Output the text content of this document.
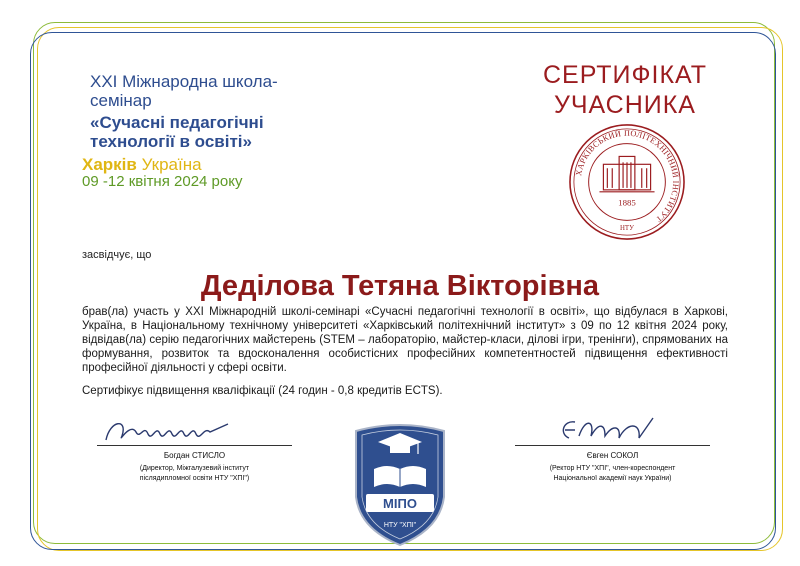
XXI Міжнародна школа-
семінар
«Сучасні педагогічні
технології в освіті»
Харків Україна
09 -12 квітня 2024 року
СЕРТИФІКАТ
УЧАСНИКА
ХАРКІВСЬКИЙ ПОЛІТЕХНІЧНИЙ ІНСТИТУТ
1885
НТУ
засвідчує, що
Деділова Тетяна Вікторівна
брав(ла) участь у XXI Міжнародній школі-семінарі «Сучасні педагогічні технології в освіті», що відбулася в Харкові, Україна, в Національному технічному університеті «Харківський політехнічний інститут» з 09 по 12 квітня 2024 року, відвідав(ла) серію педагогічних майстерень (STEM – лабораторію, майстер-класи, ділові ігри, тренінги), спрямованих на формування, розвиток та вдосконалення особистісних професійних компетентностей підвищення ефективності професійної діяльності у сфері освіти.
Сертифікує підвищення кваліфікації (24 годин - 0,8 кредитів ECTS).
Богдан СТИСЛО
(Директор, Міжгалузевий інститут
післядипломної освіти НТУ "ХПІ")
Євген СОКОЛ
(Ректор НТУ "ХПІ", член-кореспондент
Національної академії наук України)
МІПО
НТУ "ХПІ"
